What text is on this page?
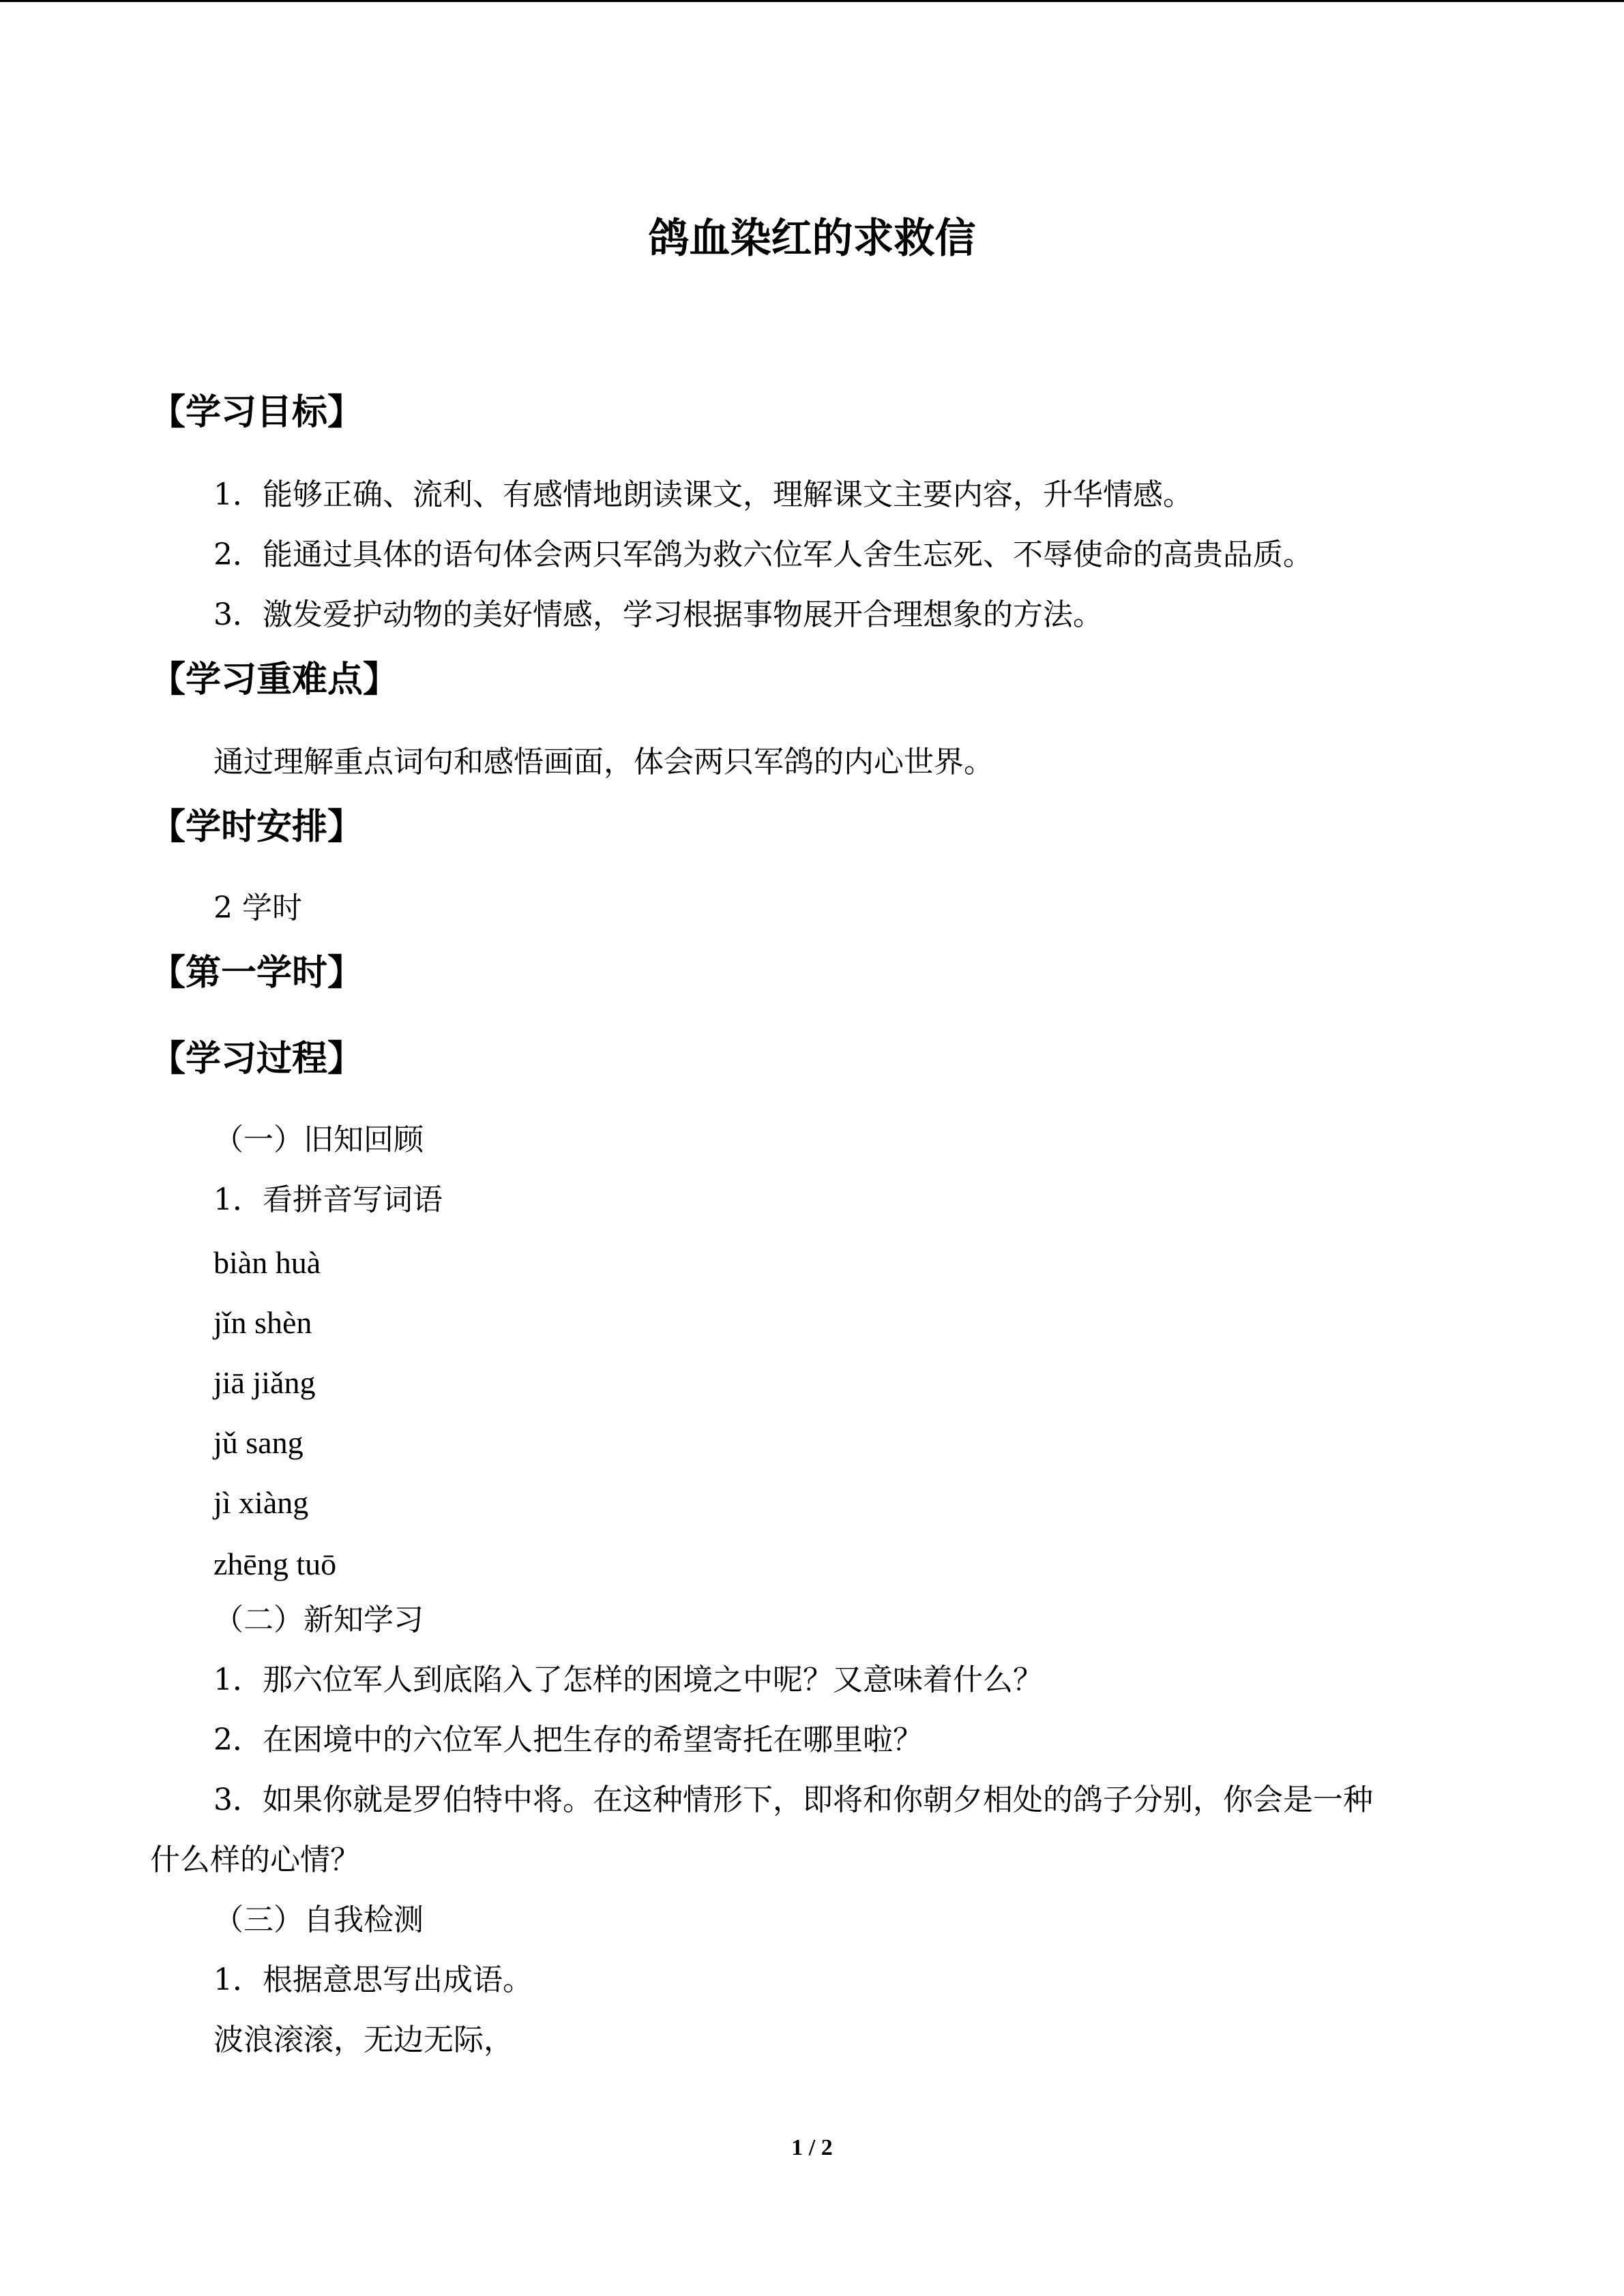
鸽血染红的求救信
【学习目标】
1．能够正确、流利、有感情地朗读课文，理解课文主要内容，升华情感。
2．能通过具体的语句体会两只军鸽为救六位军人舍生忘死、不辱使命的高贵品质。
3．激发爱护动物的美好情感，学习根据事物展开合理想象的方法。
【学习重难点】
通过理解重点词句和感悟画面，体会两只军鸽的内心世界。
【学时安排】
2 学时
【第一学时】
【学习过程】
（一）旧知回顾
1．看拼音写词语
biàn huà
jǐn shèn
jiā jiǎng
jǔ sang
jì xiàng
zhēng tuō
（二）新知学习
1．那六位军人到底陷入了怎样的困境之中呢？又意味着什么？
2．在困境中的六位军人把生存的希望寄托在哪里啦？
3．如果你就是罗伯特中将。在这种情形下，即将和你朝夕相处的鸽子分别，你会是一种
什么样的心情？
（三）自我检测
1．根据意思写出成语。
波浪滚滚，无边无际，
1 / 2
